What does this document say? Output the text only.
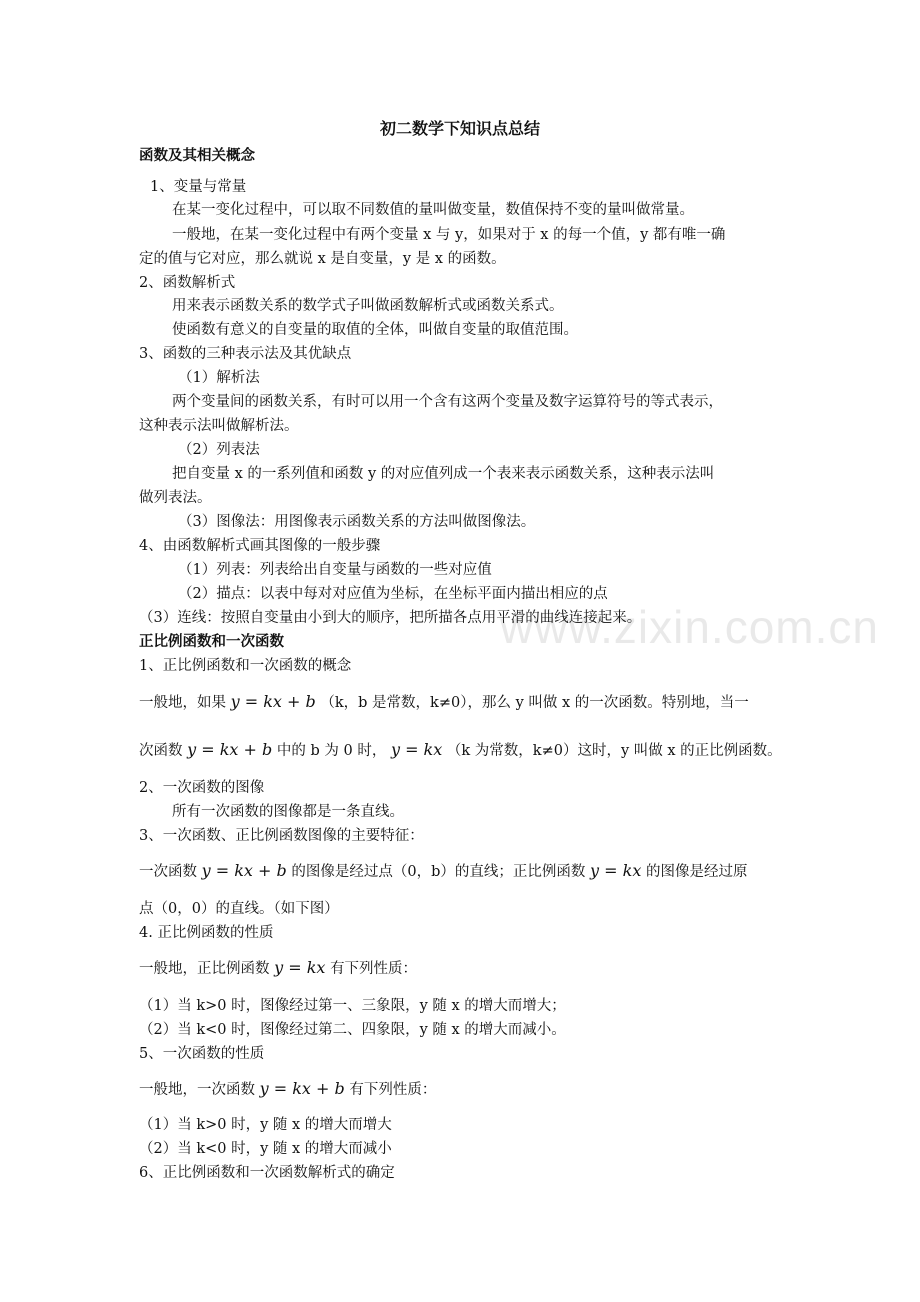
www.zixin.com.cn
初二数学下知识点总结
函数及其相关概念
1、变量与常量
在某一变化过程中，可以取不同数值的量叫做变量，数值保持不变的量叫做常量。
一般地，在某一变化过程中有两个变量 x 与 y，如果对于 x 的每一个值，y 都有唯一确
定的值与它对应，那么就说 x 是自变量，y 是 x 的函数。
2、函数解析式
用来表示函数关系的数学式子叫做函数解析式或函数关系式。
使函数有意义的自变量的取值的全体，叫做自变量的取值范围。
3、函数的三种表示法及其优缺点
（1）解析法
两个变量间的函数关系，有时可以用一个含有这两个变量及数字运算符号的等式表示，
这种表示法叫做解析法。
（2）列表法
把自变量 x 的一系列值和函数 y 的对应值列成一个表来表示函数关系，这种表示法叫
做列表法。
（3）图像法：用图像表示函数关系的方法叫做图像法。
4、由函数解析式画其图像的一般步骤
（1）列表：列表给出自变量与函数的一些对应值
（2）描点：以表中每对对应值为坐标，在坐标平面内描出相应的点
（3）连线：按照自变量由小到大的顺序，把所描各点用平滑的曲线连接起来。
正比例函数和一次函数
1、正比例函数和一次函数的概念
一般地，如果 y = kx + b （k，b 是常数，k≠0），那么 y 叫做 x 的一次函数。特别地，当一
次函数 y = kx + b 中的 b 为 0 时， y = kx （k 为常数，k≠0）这时，y 叫做 x 的正比例函数。
2、一次函数的图像
所有一次函数的图像都是一条直线。
3、一次函数、正比例函数图像的主要特征：
一次函数 y = kx + b 的图像是经过点（0，b）的直线；正比例函数 y = kx 的图像是经过原
点（0，0）的直线。（如下图）
4. 正比例函数的性质
一般地，正比例函数 y = kx 有下列性质：
（1）当 k>0 时，图像经过第一、三象限，y 随 x 的增大而增大；
（2）当 k<0 时，图像经过第二、四象限，y 随 x 的增大而减小。
5、一次函数的性质
一般地，一次函数 y = kx + b 有下列性质：
（1）当 k>0 时，y 随 x 的增大而增大
（2）当 k<0 时，y 随 x 的增大而减小
6、正比例函数和一次函数解析式的确定
